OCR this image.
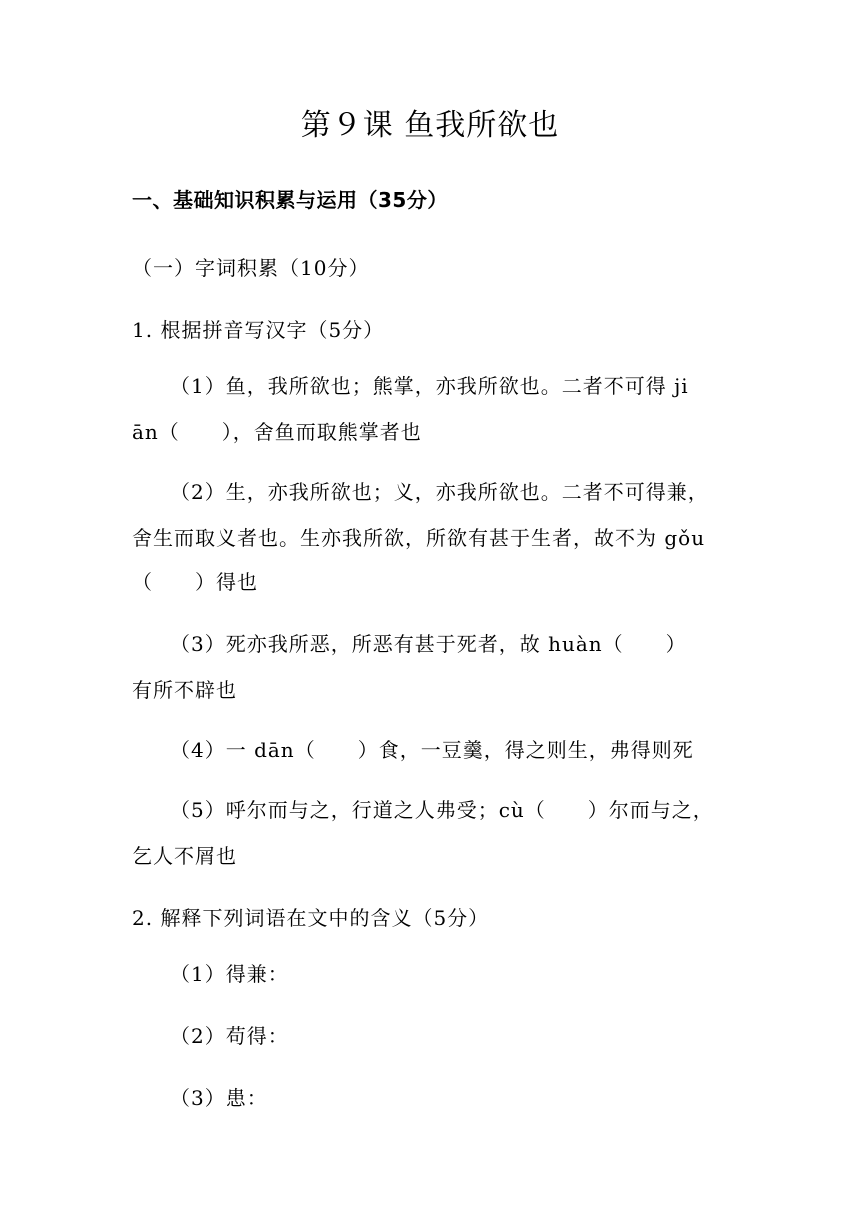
第９课 鱼我所欲也
一、基础知识积累与运用（35分）
（一）字词积累（10分）
1. 根据拼音写汉字（5分）
（1）鱼，我所欲也；熊掌，亦我所欲也。二者不可得 ji
ān（　　），舍鱼而取熊掌者也
（2）生，亦我所欲也；义，亦我所欲也。二者不可得兼，
舍生而取义者也。生亦我所欲，所欲有甚于生者，故不为 gǒu
（　　）得也
（3）死亦我所恶，所恶有甚于死者，故 huàn（　　）
有所不辟也
（4）一 dān（　　）食，一豆羹，得之则生，弗得则死
（5）呼尔而与之，行道之人弗受；cù（　　）尔而与之，
乞人不屑也
2. 解释下列词语在文中的含义（5分）
（1）得兼：
（2）苟得：
（3）患：
